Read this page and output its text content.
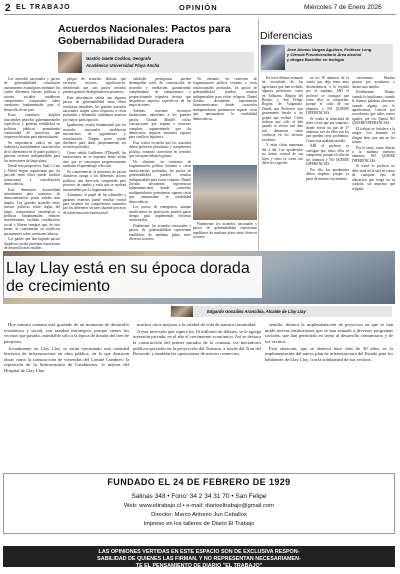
2 EL TRABAJO	OPINIÓN	Miércoles 7 de Enero 2026
Acuerdos Nacionales: Pactos para Gobernabilidad Duradera
Gastón Gaete Coddou, Geografo
Académico Universidad Playa Ancha

Los acuerdos nacionales y pactos de gobernabilidad constituyen instrumentos estratégicos mediante los cuales diferentes fuerzas políticas y actores sociales establecen compromisos compartidos sobre cuestiones fundamentales para el desarrollo de un país.

Estos consensos amplios trascienden periodos gubernamentales específicos y generan estabilidad en políticas públicas, permitiendo continuidad de proyectos que requieren décadas para materializarse.

Su importancia radica en que reducen la incertidumbre característica de la alternancia en el poder político y generan certezas indispensables para las inversiones de largo plazo.

Desde esta perspectiva, Juan J. Linz y Alfred Stepan argumentan que «la pacción entre élites puede facilitar transiciones y consolidación democrática».

Esta dimensión desarrollada inicialmente para contextos de democratización, posee validez más amplia. Los grandes acuerdos entre fuerzas políticas sobre reglas del juego, compromisos estratégicos o políticas fundamentales reducen incertidumbre, facilitan coordinación social y liberan energías que, de otro modo, se consumirían en conflictos permanentes sobre cuestiones básicas.

Los países que han logrado pactos duraderos suelen presentar trayectorias de desarrollo más estables.

peligro de acuerdos elitistas que excluyen sectores significativos, advirtiendo que «las pactos cerrados pueden generar deslegitimación posterior».

Este advertencia señala que algunos pactos de gobernabilidad entre élites resultaron inestables, los grandes acuerdos nacionales surgen como respuesta a crisis profundas y demandas ciudadanas masivas por mayor participación.

Igualmente, resulta fundamental que los acuerdos nacionales establezcan mecanismos de seguimiento y actualización. Ningún pacto puede diseñarse para durar perpetuamente sin revisión periódica.

Como señala Guillermo O'Donnell, las instituciones no se imponen desde arriba sino que se construyen progresivamente mediante el aprendizaje colectivo.

En consecuencia, la presencia de pactos duraderos otorga a los diferentes actores políticos una dirección compartida para procesos de cambio y evita que se vuelvan insostenibles por la fragmentación.

Asimismo, el papel de los tribunales y garantes externos puede resultar crucial para sostener los compromisos asumidos por los diferentes sectores durante procesos de transformación institucional.

validades prestigiosas pueden desempeñar roles de construcción de acuerdos y mediación, garantizando cumplimiento de compromisos y proporcionando expertise técnico que despolitiza aspectos específicos de las negociaciones.

Además, conviene reconocer limitaciones inherentes a los grandes pactos. Chantal Mouffe critica concepciones que aspiran a consenso completo, argumentando que «la democracia requiere mantener espacio para conflicto legítimo».

Esta crítica recuerda que los acuerdos deben preservar pluralismo y competencia política, evitando convertirse en cerrados que sofoquen debate legítimo.

No obstante, en contextos de fragmentación política extrema o crisis institucionales profundas, los pactos de gobernabilidad pueden resultar indispensables para evitar colapsos. Daniel Zovatto documenta experiencias latinoamericanas donde «acuerdos multipartidarios permitieron superar crisis que amenazaban la estabilidad democrática».

Los pactos de emergencia, aunque insuficientes en perfección, pueden ganar tiempo para implementar reformas estructurales.

Finalmente, los acuerdos nacionales y pactos de gobernabilidad representan equilibrios de mediano plazo entre diversos sectores.

No obstante, en contextos de fragmentación política extrema o crisis institucionales profundas, los pactos de gobernabilidad pueden resultar indispensables para evitar colapsos. Daniel Zovatto documenta experiencias latinoamericanas donde «acuerdos multipartidarios permitieron superar crisis que amenazaban la estabilidad democrática».

Finalmente, los acuerdos nacionales y pactos de gobernabilidad representan equilibrios de mediano plazo entre diversos sectores.

Diferencias
José Alonso Vargas Aguilera, Profesor Leng.
y Ciencia Preuniversitario Área alcohol
y drogas Bachiller en teología

En estos últimos semanas he escuchado de las agresiones que han recibido algunos profesores, como en Talhuano, Región del Biobío, y San Felipe, Región de Valparaíso. Donde una Profesora esta gravemente herida a los golpes que recibió. Cifras indican que sólo el año pasado se vieron casi diez mil denuncias sobre violencia en los recintos escolares.

Y estas cifras aumentan día a día. Los apoderados no tienen control de sus hijos y estos se creen con derecho a agredir.

en los 30 alumnos de la cuarta que deja tener muy desobediencia a la escuela por la mañana. AHÍ el profesor se consigue que todos ellos se comporten, porque el culto de sus alumnos y NO QUIERE DIFERENCIAS.

Se exalta la tenacidad de tener a esos que por supuesto, donde existe un que de 37 alumnos, tres de ellos son los que pueden crear problemas. Como esta mañana sucedió.

AHÍ el profesor se consigue que todos ellos se comporten, porque el culto de sus alumnos y NO QUIERE DIFERENCIAS.

Por ello los apoderados deben respetar, porque es parte de nuestro crecimiento.

crecimiento. Muchas gracias por ayudarnos y darnos una familia.

Perdónenme Nanita, cuando lo insultamos, cuando le dijimos palabras obscenas, cuando alguno vez le agradecimos. Gracias por recordarnos que todos somos iguales, por eso Nanita NO QUIERE DIFERENCIAS.

El trabajo se fortalece a la sangre. Los alumnos se dirigen bien, que aún no los tienen.

Por lo tanto, como dijeran a la mañana nuestros alumnos: NO QUIERE DIFERENCIAS.

Si usted es profesor no debe estar en la sala en contra de cualquier tipo de educación que tenga en su corazón, sin importar qué religión.

Llay Llay está en su época dorada de crecimiento
Edgardo González Arancibia, Alcalde de Llay Llay

Hoy nuestra comuna está gozando de un momento de desarrollo económico y social, con sanidad estratégica, porque vienes los vecinos que pasado, asimilable sólo a la época de dorada del tren de pasajeros.

Actualmente en Llay Llay se están ejecutando una cantidad histórica de infraestructura en obra pública, en la que destacan obras como la construcción de viviendas del Comité Cumbres: la reposición de la Subcomisaría de Carabineros, la mejora del Hospital de Llay Llay.

muchos otros mejoras a la calidad de vida de nuestra comunidad.

A esta inversión que supera los 16 millones de dólares, se le agrega inversión privada, en el año el crecimiento económico. Así se destaca la construcción del primer mirador de la comuna, los iniciadores públicos-privados en la proyección del Turismo, a través del Tren del Recuerdo y también las operaciones de nuevos comercios.

sentido, destaca la implementación de proyectos en que se han unido nuevas instituciones que se han sumado a diversos programas sociales, que han permitido en torno al desarrollo comunitario y de los vecinos.

Esta situación, que se observa hace más de 30 años, es la implementación del nuevo plan de infraestructura del Estado para los habitantes de Llay Llay, con la solidaridad de sus vecinos.

FUNDADO EL 24 DE FEBRERO DE 1929
Salinas 348 • Fono: 34 2 34 31 70 • San Felipe
Web: www.eltrabajo.cl • e-mail: diarioeltrabajo@gmail.com
Director: Marco Antonio Jun Ceballos
Impreso en los talleres de Diario El Trabajo
LAS OPINIONES VERTIDAS EN ESTE ESPACIO SON DE EXCLUSIVA RESPON-
SABILIDAD DE QUIENES LAS FIRMAN, Y NO REPRESENTAN NECESARIAMEN-
TE EL PENSAMIENTO DE DIARIO "EL TRABAJO"
